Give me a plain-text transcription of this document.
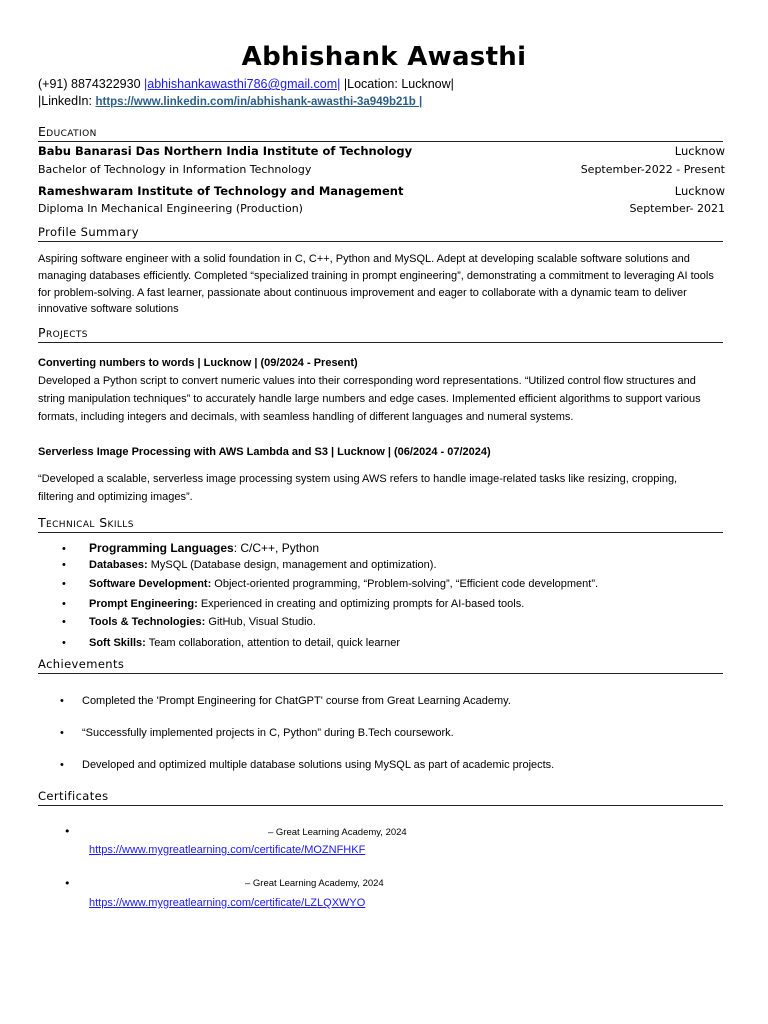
Abhishank Awasthi
(+91) 8874322930 |abhishankawasthi786@gmail.com| |Location: Lucknow|
|LinkedIn: https://www.linkedin.com/in/abhishank-awasthi-3a949b21b |
Education
Babu Banarasi Das Northern India Institute of Technology	Lucknow
Bachelor of Technology in Information Technology	September-2022 - Present
Rameshwaram Institute of Technology and Management	Lucknow
Diploma In Mechanical Engineering (Production)	September- 2021
Profile Summary
Aspiring software engineer with a solid foundation in C, C++, Python and MySQL. Adept at developing scalable software solutions and managing databases efficiently. Completed “specialized training in prompt engineering”, demonstrating a commitment to leveraging AI tools for problem-solving. A fast learner, passionate about continuous improvement and eager to collaborate with a dynamic team to deliver innovative software solutions
Projects
Converting numbers to words | Lucknow | (09/2024 - Present)
Developed a Python script to convert numeric values into their corresponding word representations. “Utilized control flow structures and string manipulation techniques” to accurately handle large numbers and edge cases. Implemented efficient algorithms to support various formats, including integers and decimals, with seamless handling of different languages and numeral systems.
Serverless Image Processing with AWS Lambda and S3 | Lucknow | (06/2024 - 07/2024)
“Developed a scalable, serverless image processing system using AWS refers to handle image-related tasks like resizing, cropping, filtering and optimizing images”.
Technical Skills
• Programming Languages: C/C++, Python
• Databases: MySQL (Database design, management and optimization).
• Software Development: Object-oriented programming, “Problem-solving”, “Efficient code development”.
• Prompt Engineering: Experienced in creating and optimizing prompts for AI-based tools.
• Tools & Technologies: GitHub, Visual Studio.
• Soft Skills: Team collaboration, attention to detail, quick learner
Achievements
• Completed the 'Prompt Engineering for ChatGPT' course from Great Learning Academy.
• “Successfully implemented projects in C, Python” during B.Tech coursework.
• Developed and optimized multiple database solutions using MySQL as part of academic projects.
Certificates
•	– Great Learning Academy, 2024
https://www.mygreatlearning.com/certificate/MOZNFHKF
•	– Great Learning Academy, 2024
https://www.mygreatlearning.com/certificate/LZLQXWYO
